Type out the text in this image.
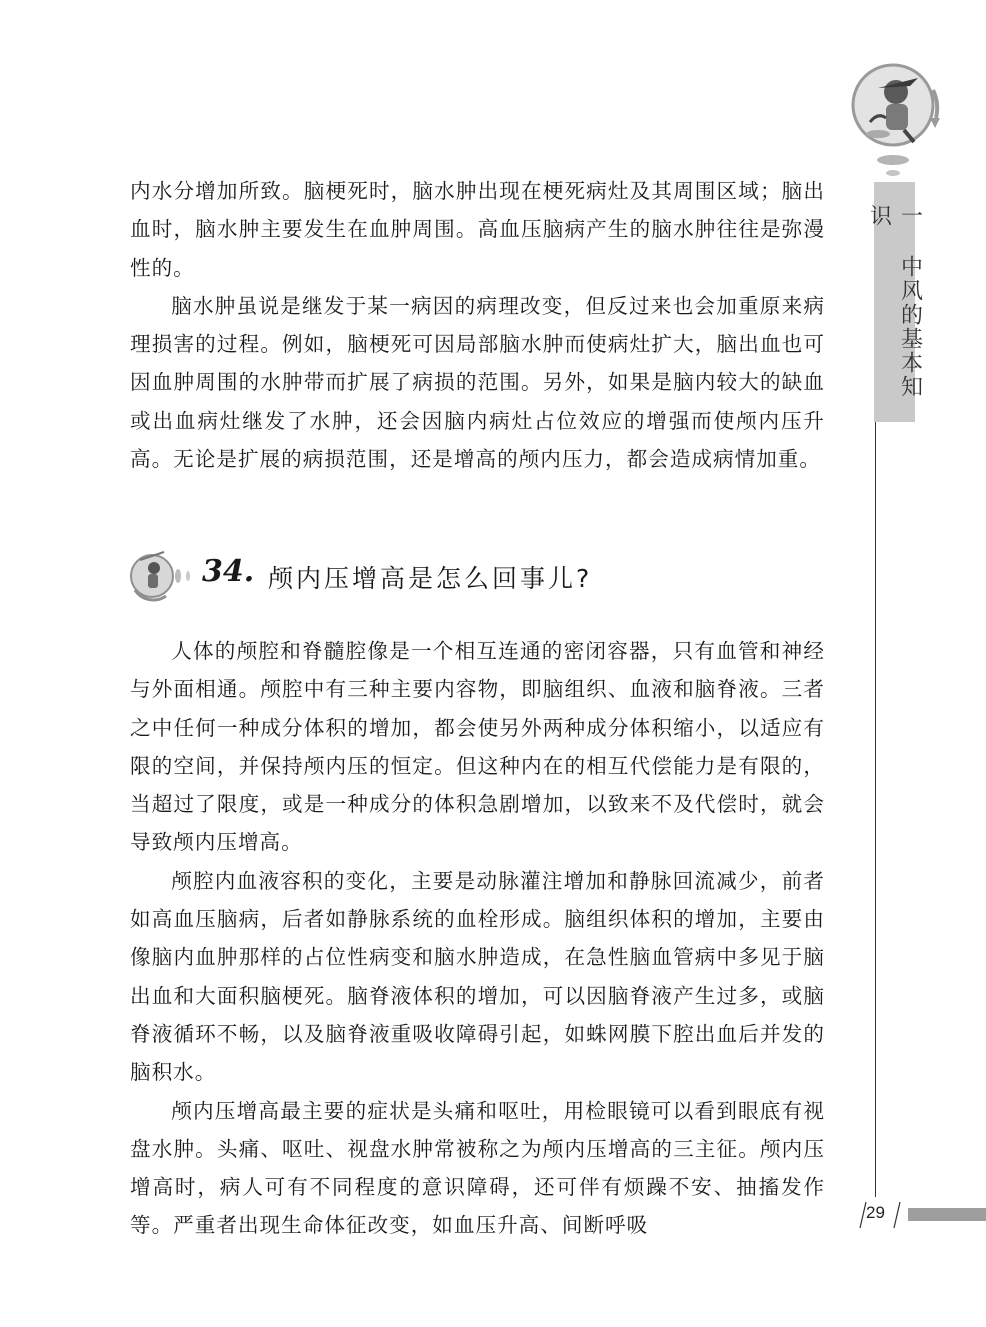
一 中风的基本知识

内水分增加所致。脑梗死时，脑水肿出现在梗死病灶及其周围区域；脑出血时，脑水肿主要发生在血肿周围。高血压脑病产生的脑水肿往往是弥漫性的。

脑水肿虽说是继发于某一病因的病理改变，但反过来也会加重原来病理损害的过程。例如，脑梗死可因局部脑水肿而使病灶扩大，脑出血也可因血肿周围的水肿带而扩展了病损的范围。另外，如果是脑内较大的缺血或出血病灶继发了水肿，还会因脑内病灶占位效应的增强而使颅内压升高。无论是扩展的病损范围，还是增高的颅内压力，都会造成病情加重。

34. 颅内压增高是怎么回事儿?

人体的颅腔和脊髓腔像是一个相互连通的密闭容器，只有血管和神经与外面相通。颅腔中有三种主要内容物，即脑组织、血液和脑脊液。三者之中任何一种成分体积的增加，都会使另外两种成分体积缩小，以适应有限的空间，并保持颅内压的恒定。但这种内在的相互代偿能力是有限的，当超过了限度，或是一种成分的体积急剧增加，以致来不及代偿时，就会导致颅内压增高。

颅腔内血液容积的变化，主要是动脉灌注增加和静脉回流减少，前者如高血压脑病，后者如静脉系统的血栓形成。脑组织体积的增加，主要由像脑内血肿那样的占位性病变和脑水肿造成，在急性脑血管病中多见于脑出血和大面积脑梗死。脑脊液体积的增加，可以因脑脊液产生过多，或脑脊液循环不畅，以及脑脊液重吸收障碍引起，如蛛网膜下腔出血后并发的脑积水。

颅内压增高最主要的症状是头痛和呕吐，用检眼镜可以看到眼底有视盘水肿。头痛、呕吐、视盘水肿常被称之为颅内压增高的三主征。颅内压增高时，病人可有不同程度的意识障碍，还可伴有烦躁不安、抽搐发作等。严重者出现生命体征改变，如血压升高、间断呼吸

29
